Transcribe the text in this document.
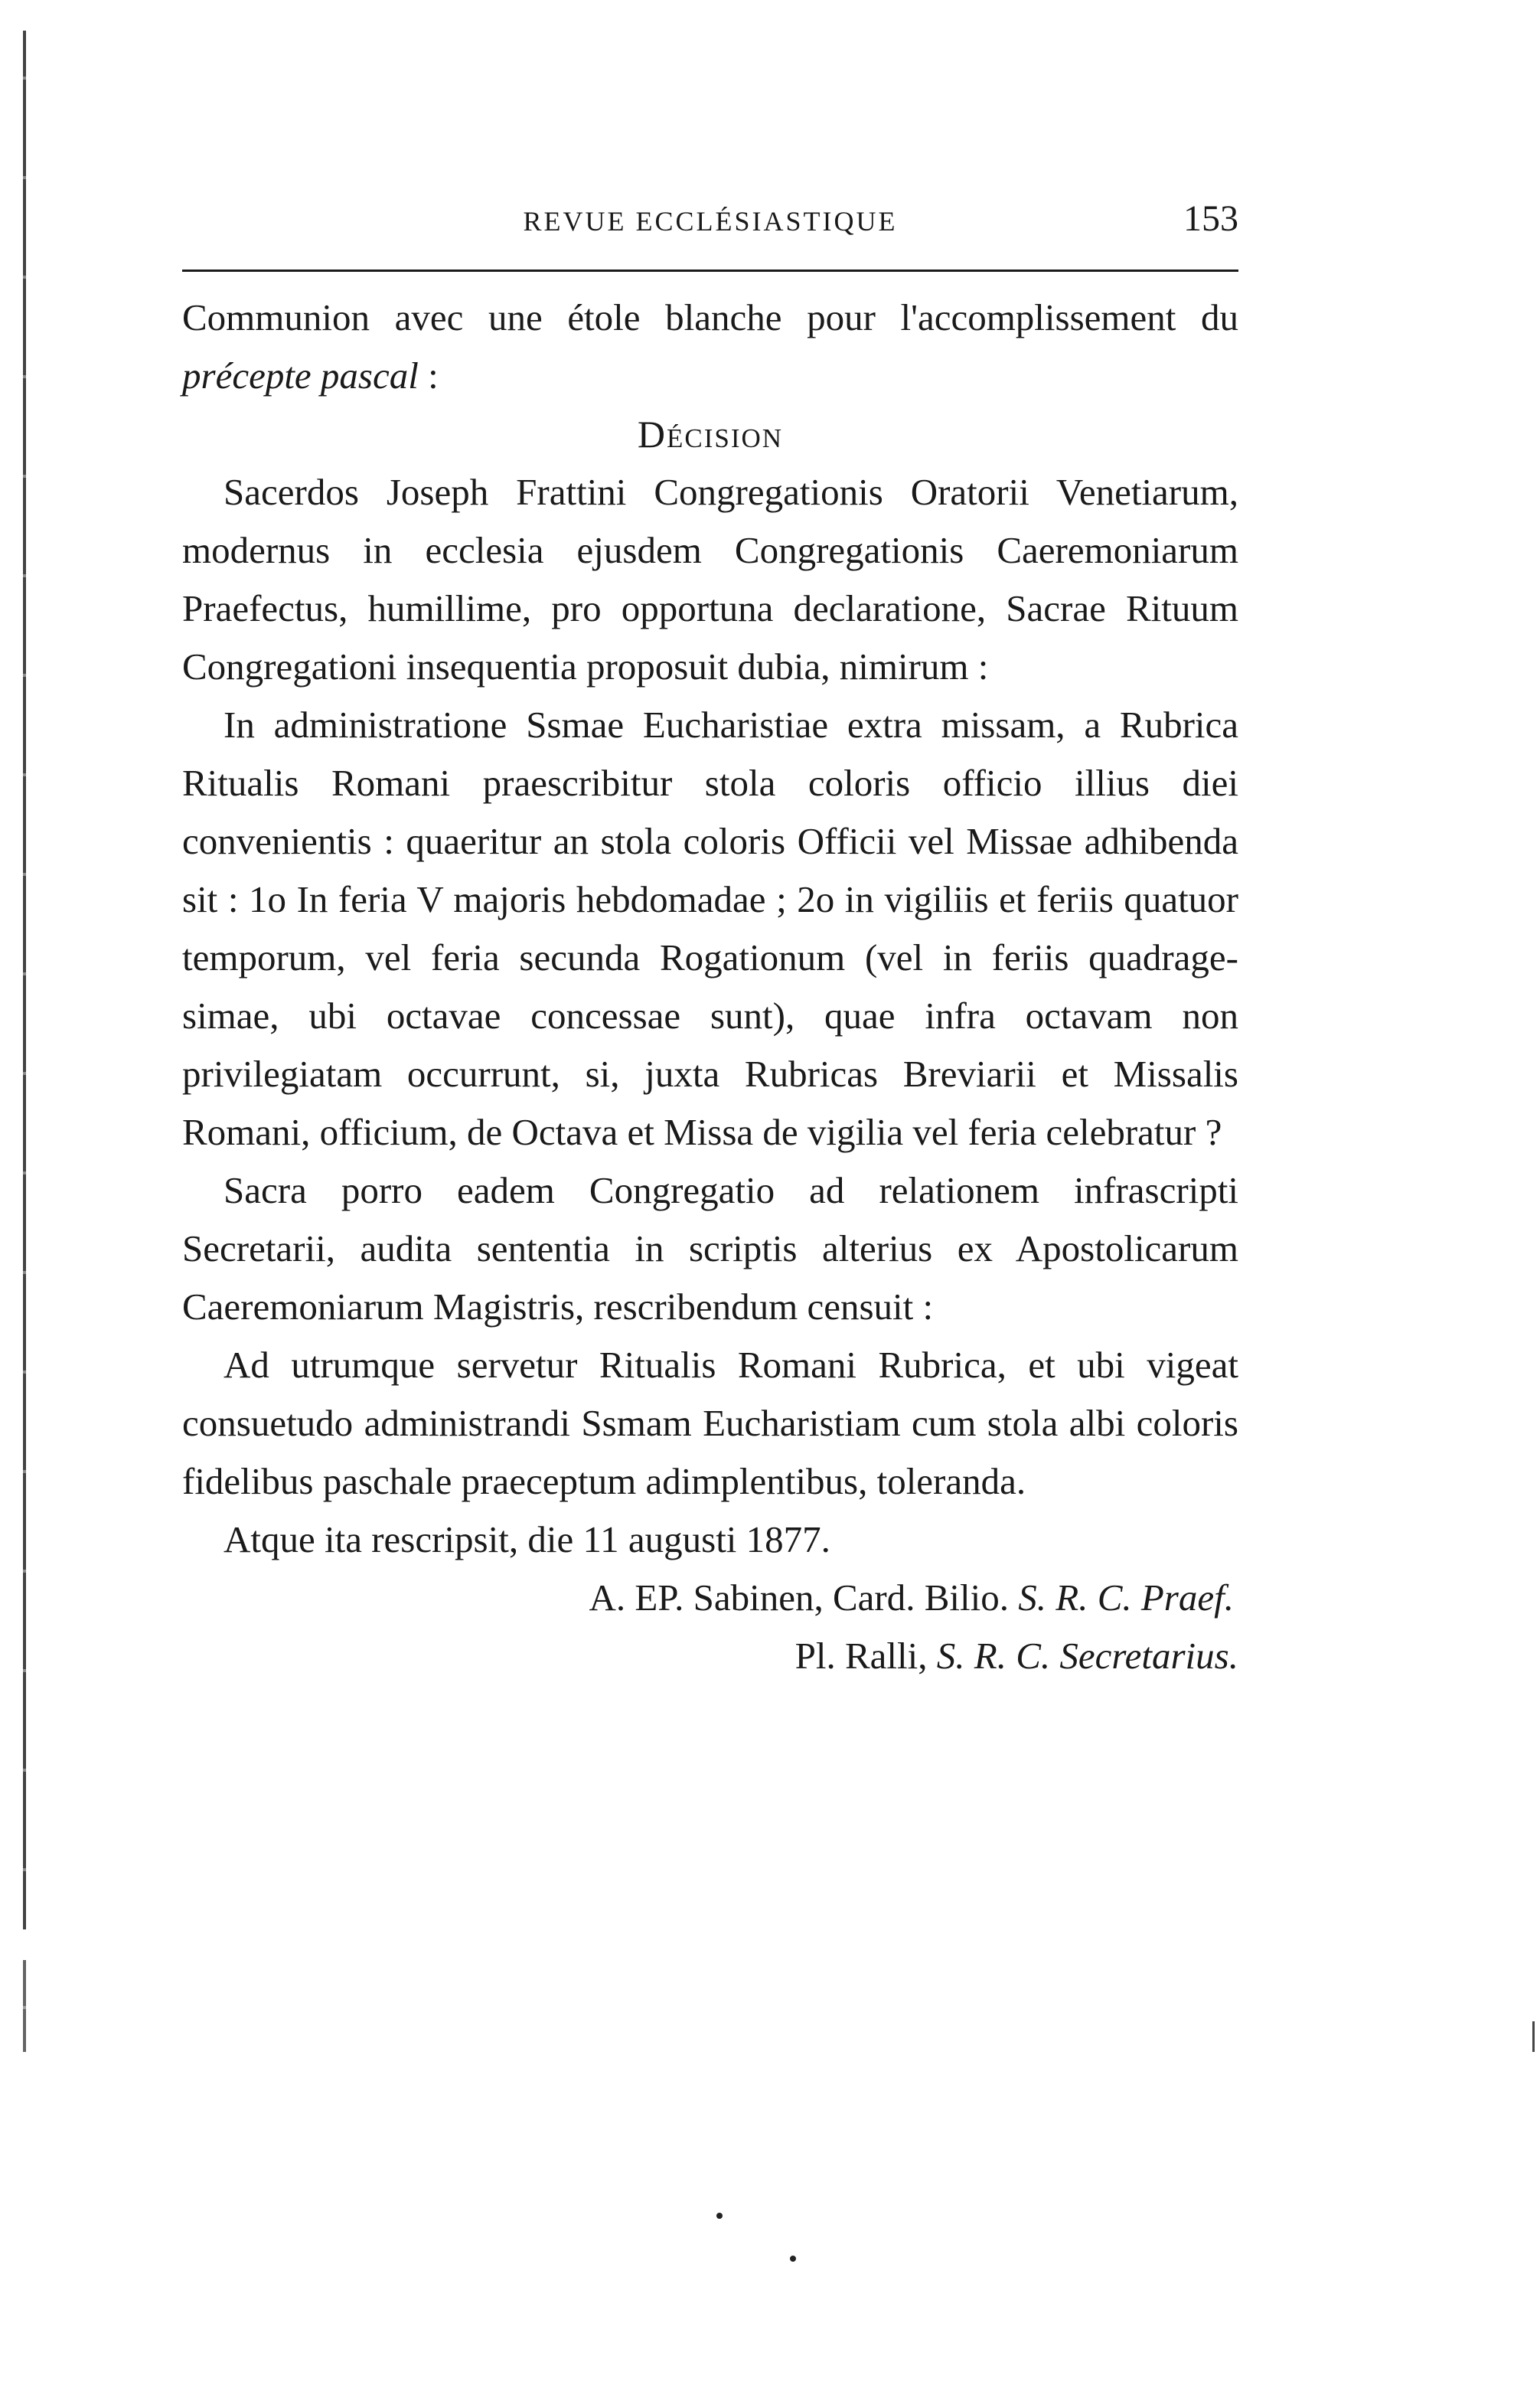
REVUE ECCLÉSIASTIQUE	153

Communion avec une étole blanche pour l'accomplissement du précepte pascal :

Décision

Sacerdos Joseph Frattini Congregationis Oratorii Venetiarum, modernus in ecclesia ejusdem Congregationis Caeremoniarum Praefectus, humillime, pro opportuna declaratione, Sacrae Rituum Congregationi insequentia proposuit dubia, nimirum :

In administratione Ssmae Eucharistiae extra missam, a Rubrica Ritualis Romani praescribitur stola coloris officio illius diei convenientis : quaeritur an stola coloris Officii vel Missae adhibenda sit : 1o In feria V majoris hebdomadae ; 2o in vigiliis et feriis quatuor temporum, vel feria secunda Rogationum (vel in feriis quadragesimae, ubi octavae concessae sunt), quae infra octavam non privilegiatam occurrunt, si, juxta Rubricas Breviarii et Missalis Romani, officium, de Octava et Missa de vigilia vel feria celebratur ?

Sacra porro eadem Congregatio ad relationem infrascripti Secretarii, audita sententia in scriptis alterius ex Apostolicarum Caeremoniarum Magistris, rescribendum censuit :

Ad utrumque servetur Ritualis Romani Rubrica, et ubi vigeat consuetudo administrandi Ssmam Eucharistiam cum stola albi coloris fidelibus paschale praeceptum adimplentibus, toleranda.

Atque ita rescripsit, die 11 augusti 1877.

A. EP. Sabinen, Card. Bilio. S. R. C. Praef.

Pl. Ralli, S. R. C. Secretarius.
